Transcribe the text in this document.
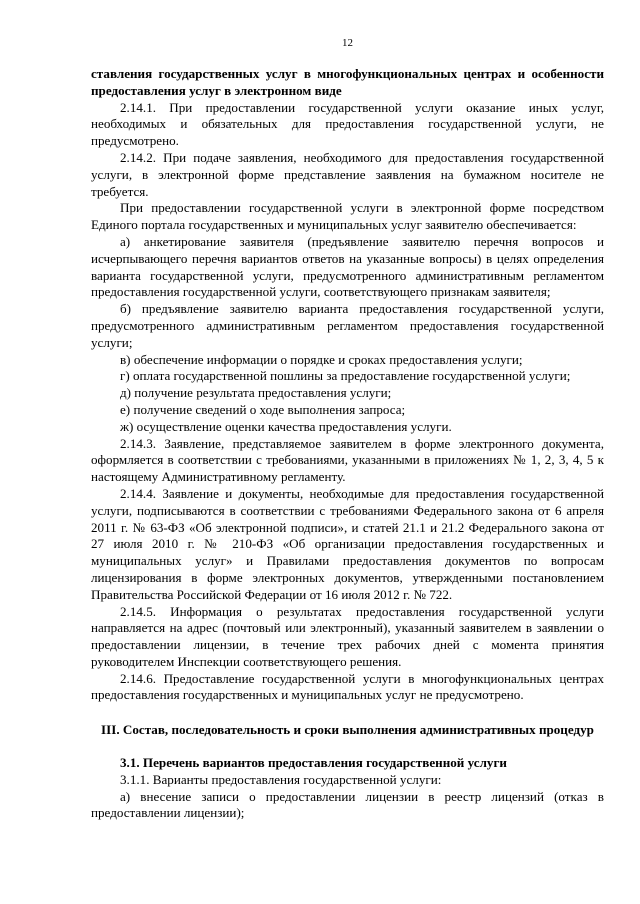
12

ставления государственных услуг в многофункциональных центрах и особенности предоставления услуг в электронном виде

2.14.1. При предоставлении государственной услуги оказание иных услуг, необходимых и обязательных для предоставления государственной услуги, не предусмотрено.

2.14.2. При подаче заявления, необходимого для предоставления государственной услуги, в электронной форме представление заявления на бумажном носителе не требуется.

При предоставлении государственной услуги в электронной форме посредством Единого портала государственных и муниципальных услуг заявителю обеспечивается:

а) анкетирование заявителя (предъявление заявителю перечня вопросов и исчерпывающего перечня вариантов ответов на указанные вопросы) в целях определения варианта государственной услуги, предусмотренного административным регламентом предоставления государственной услуги, соответствующего признакам заявителя;

б) предъявление заявителю варианта предоставления государственной услуги, предусмотренного административным регламентом предоставления государственной услуги;

в) обеспечение информации о порядке и сроках предоставления услуги;

г) оплата государственной пошлины за предоставление государственной услуги;

д) получение результата предоставления услуги;

е) получение сведений о ходе выполнения запроса;

ж) осуществление оценки качества предоставления услуги.

2.14.3. Заявление, представляемое заявителем в форме электронного документа, оформляется в соответствии с требованиями, указанными в приложениях № 1, 2, 3, 4, 5 к настоящему Административному регламенту.

2.14.4. Заявление и документы, необходимые для предоставления государственной услуги, подписываются в соответствии с требованиями Федерального закона от 6 апреля 2011 г. № 63-ФЗ «Об электронной подписи», и статей 21.1 и 21.2 Федерального закона от 27 июля 2010 г. № 210-ФЗ «Об организации предоставления государственных и муниципальных услуг» и Правилами предоставления документов по вопросам лицензирования в форме электронных документов, утвержденными постановлением Правительства Российской Федерации от 16 июля 2012 г. № 722.

2.14.5. Информация о результатах предоставления государственной услуги направляется на адрес (почтовый или электронный), указанный заявителем в заявлении о предоставлении лицензии, в течение трех рабочих дней с момента принятия руководителем Инспекции соответствующего решения.

2.14.6. Предоставление государственной услуги в многофункциональных центрах предоставления государственных и муниципальных услуг не предусмотрено.

III. Состав, последовательность и сроки выполнения административных процедур

3.1. Перечень вариантов предоставления государственной услуги

3.1.1. Варианты предоставления государственной услуги:

а) внесение записи о предоставлении лицензии в реестр лицензий (отказ в предоставлении лицензии);
